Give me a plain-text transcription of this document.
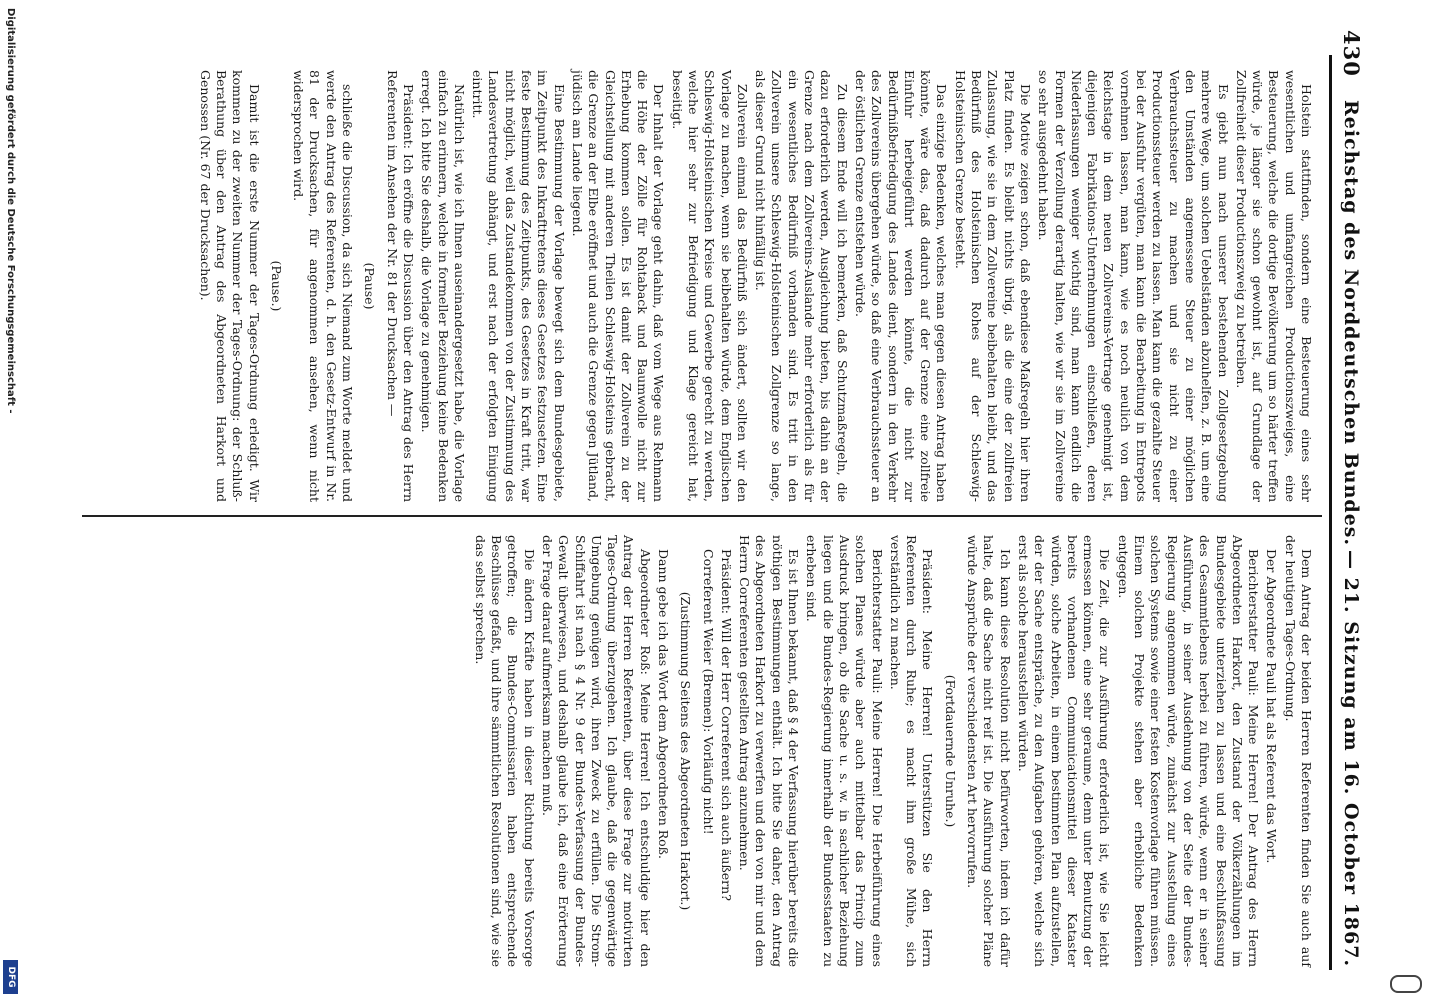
430
Reichstag des Norddeutschen Bundes.
— 21. Sitzung am 16. October 1867.

Holstein stattfinden, sondern eine Besteuerung eines sehr wesentlichen und umfangreichen Productionszweiges, eine Besteuerung, welche die dortige Bevölkerung um so härter treffen würde, je länger sie schon gewohnt ist, auf Grundlage der Zollfreiheit dieser Productionszweig zu betreiben.

Es giebt nun nach unserer bestehenden Zollgesetzgebung mehrere Wege, um solchen Uebelständen abzuhelfen, z. B. um eine den Umständen angemessene Steuer zu einer möglichen Verbrauchssteuer zu machen und sie nicht zu einer Productionssteuer werden zu lassen. Man kann die gezahlte Steuer bei der Ausfuhr vergüten, man kann die Bearbeitung in Entrepots vornehmen lassen, man kann, wie es noch neulich von dem Reichstage in dem neuen Zollvereins-Vertrage genehmigt ist, diejenigen Fabrikations-Unternehmungen einschließen, deren Niederlassungen weniger wichtig sind, man kann endlich die Formen der Verzollung derartig halten, wie wir sie im Zollvereine so sehr ausgedehnt haben.

Die Motive zeigen schon, daß ebendiese Maßregeln hier ihren Platz finden. Es bleibt nichts übrig, als die eine der zollfreien Zulassung, wie sie in dem Zollvereine beibehalten bleibt, und das Bedürfniß des Holsteinischen Rohes auf der Schleswig-Holsteinischen Grenze besteht.

Das einzige Bedenken, welches man gegen diesen Antrag haben könnte, wäre das, daß dadurch auf der Grenze eine zollfreie Einfuhr herbeigeführt werden könnte, die nicht zur Bedürfnißbefriedigung des Landes dient, sondern in den Verkehr des Zollvereins übergehen würde, so daß eine Verbrauchssteuer an der östlichen Grenze entstehen würde.

Zu diesem Ende will ich bemerken, daß Schutzmaßregeln, die dazu erforderlich werden, Ausgleichung bieten, bis dahin an der Grenze nach dem Zollvereins-Auslande mehr erforderlich als für ein wesentliches Bedürfniß vorhanden sind. Es tritt in den Zollverein unsere Schleswig-Holsteinischen Zollgrenze so lange, als dieser Grund nicht hinfällig ist.

Zollverein einmal das Bedürfniß sich ändert, sollten wir den Vorlage zu machen, wenn sie beibehalten würde, dem Englischen Schleswig-Holsteinischen Kreise und Gewerbe gerecht zu werden, welche hier sehr zur Befriedigung und Klage gereicht hat, beseitigt.

Der Inhalt der Vorlage geht dahin, daß vom Wege aus Rehmann die Höhe der Zölle für Rohtaback und Baumwolle nicht zur Erhebung kommen sollen. Es ist damit der Zollverein zu der Gleichstellung mit anderen Theilen Schleswig-Holsteins gebracht, die Grenze an der Elbe eröffnet und auch die Grenze gegen Jütland, jüdisch am Lande liegend.

Eine Bestimmung der Vorlage bewegt sich dem Bundesgebiete, im Zeitpunkt des Inkrafttretens dieses Gesetzes festzusetzen. Eine feste Bestimmung des Zeitpunkts, des Gesetzes in Kraft tritt, war nicht möglich, weil das Zustandekommen von der Zustimmung des Landesvertretung abhängt, und erst nach der erfolgten Einigung eintritt.

Natürlich ist, wie ich Ihnen auseinandergesetzt habe, die Vorlage einfach zu erinnern, welche in formeller Beziehung keine Bedenken erregt. Ich bitte Sie deshalb, die Vorlage zu genehmigen.

Präsident: Ich eröffne die Discussion über den Antrag des Herrn Referenten im Ansehen der Nr. 81 der Drucksachen —

(Pause)

schließe die Discussion, da sich Niemand zum Worte meldet und werde den Antrag des Referenten, d. h. den Gesetz-Entwurf in Nr. 81 der Drucksachen, für angenommen ansehen, wenn nicht widersprochen wird.

(Pause.)

Damit ist die erste Nummer der Tages-Ordnung erledigt. Wir kommen zu der zweiten Nummer der Tages-Ordnung: der Schluß-Berathung über den Antrag des Abgeordneten Harkort und Genossen (Nr. 67 der Drucksachen).

Dem Antrag der beiden Herren Referenten finden Sie auch auf der heutigen Tages-Ordnung.

Der Abgeordnete Pauli hat als Referent das Wort.

Berichterstatter Pauli: Meine Herren! Der Antrag des Herrn Abgeordneten Harkort, den Zustand der Völkerzählungen im Bundesgebiete unterziehen zu lassen und eine Beschlußfassung des Gesammtlebens herbei zu führen, würde, wenn er in seiner Ausführung, in seiner Ausdehnung von der Seite der Bundes-Regierung angenommen würde, zunächst zur Ausstellung eines solchen Systems sowie einer festen Kostenvorlage führen müssen. Einem solchen Projekte stehen aber erhebliche Bedenken entgegen.

Die Zeit, die zur Ausführung erforderlich ist, wie Sie leicht ermessen können, eine sehr geraume, denn unter Benutzung der bereits vorhandenen Communicationsmittel dieser Kataster würden, solche Arbeiten, in einem bestimmten Plan aufzustellen, der der Sache entspräche, zu den Aufgaben gehören, welche sich erst als solche herausstellen würden.

Ich kann diese Resolution nicht befürworten, indem ich dafür halte, daß die Sache nicht reif ist. Die Ausführung solcher Pläne würde Ansprüche der verschiedensten Art hervorrufen.

(Fortdauernde Unruhe.)

Präsident: Meine Herren! Unterstützen Sie den Herrn Referenten durch Ruhe; es macht ihm große Mühe, sich verständlich zu machen.

Berichterstatter Pauli: Meine Herren! Die Herbeiführung eines solchen Planes würde aber auch mittelbar das Princip zum Ausdruck bringen, ob die Sache u. s. w. in sachlicher Beziehung liegen und die Bundes-Regierung innerhalb der Bundesstaaten zu erheben sind.

Es ist Ihnen bekannt, daß § 4 der Verfassung hierüber bereits die nöthigen Bestimmungen enthält. Ich bitte Sie daher, den Antrag des Abgeordneten Harkort zu verwerfen und den von mir und dem Herrn Correferenten gestellten Antrag anzunehmen.

Präsident: Will der Herr Correferent sich auch äußern?

Correferent Weier (Bremen): Vorläufig nicht!

(Zustimmung Seitens des Abgeordneten Harkort.)

Dann gebe ich das Wort dem Abgeordneten Roß.

Abgeordneter Roß: Meine Herren! Ich entschuldige hier den Antrag der Herren Referenten, über diese Frage zur motivirten Tages-Ordnung überzugehen. Ich glaube, daß die gegenwärtige Umgebung genügen wird, ihren Zweck zu erfüllen. Die Strom-Schiffahrt ist nach § 4 Nr. 9 der Bundes-Verfassung der Bundes-Gewalt überwiesen, und deshalb glaube ich, daß eine Erörterung der Frage darauf aufmerksam machen muß.

Die ändern Kräfte haben in dieser Richtung bereits Vorsorge getroffen; die Bundes-Commissarien haben entsprechende Beschlüsse gefaßt, und ihre sämmtlichen Resolutionen sind, wie sie das selbst sprechen.

Digitalisierung gefördert durch die Deutsche Forschungsgemeinschaft -
DFG
